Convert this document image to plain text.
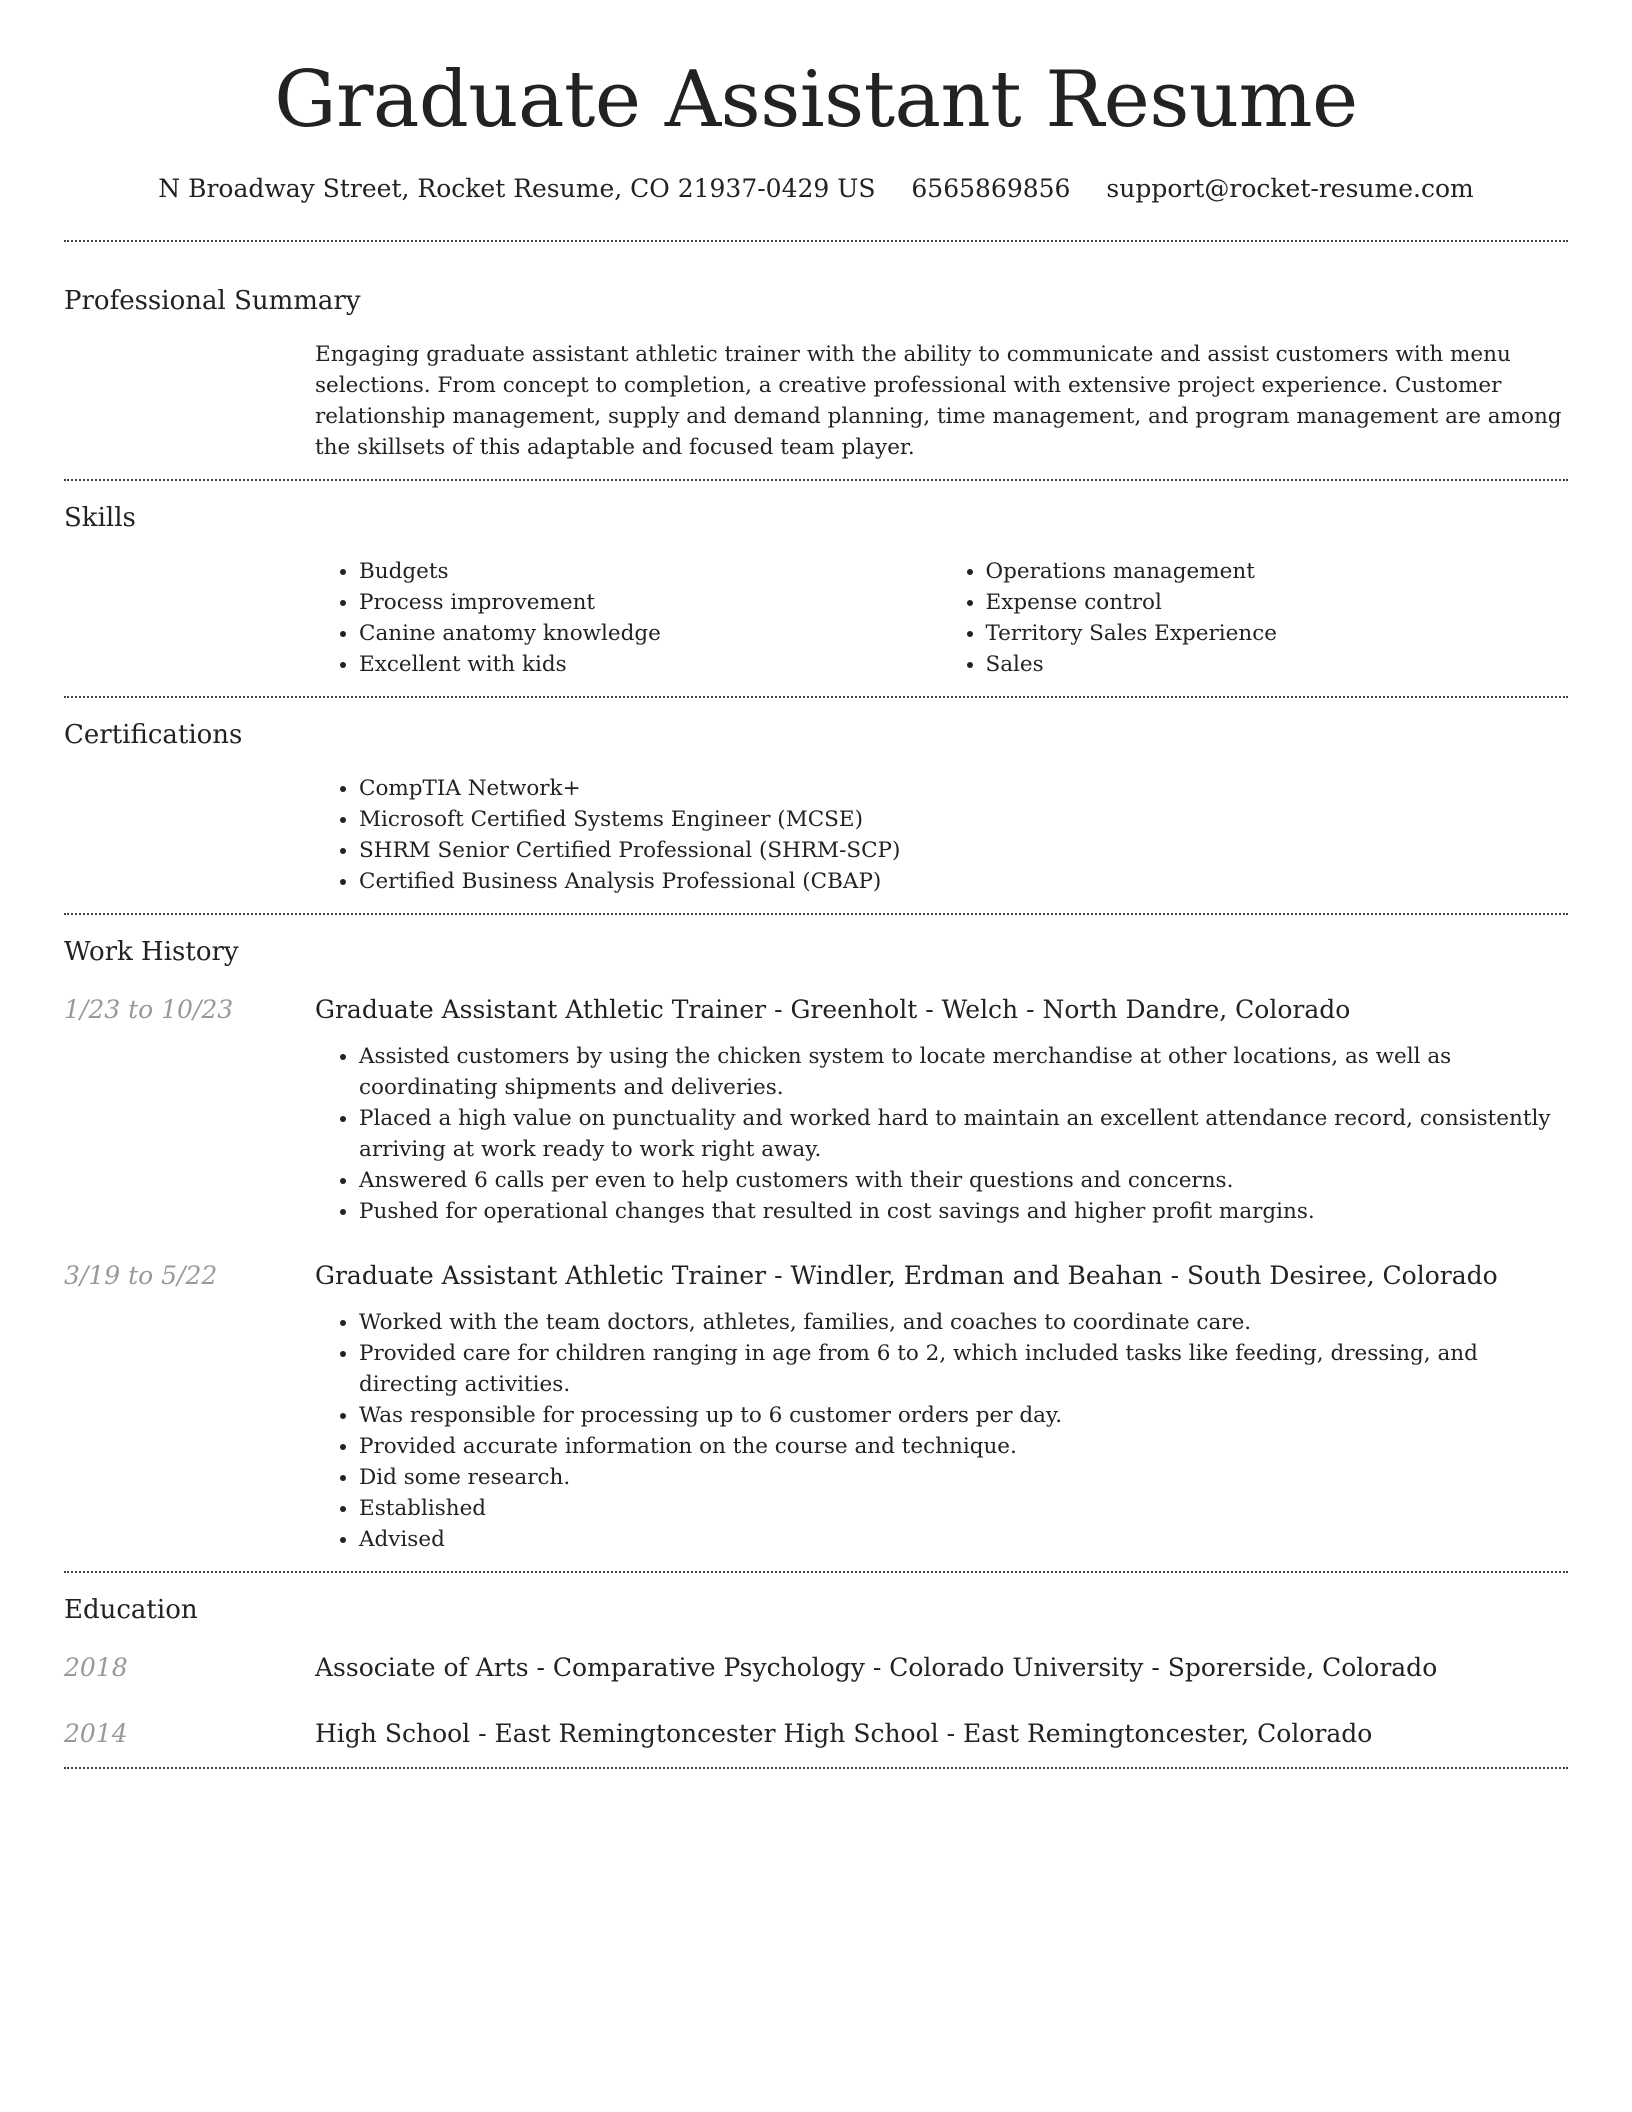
Graduate Assistant Resume
N Broadway Street, Rocket Resume, CO 21937-0429 US 6565869856 support@rocket-resume.com
Professional Summary
Engaging graduate assistant athletic trainer with the ability to communicate and assist customers with menu selections. From concept to completion, a creative professional with extensive project experience. Customer relationship management, supply and demand planning, time management, and program management are among the skillsets of this adaptable and focused team player.
Skills
• Budgets
• Process improvement
• Canine anatomy knowledge
• Excellent with kids
• Operations management
• Expense control
• Territory Sales Experience
• Sales
Certifications
• CompTIA Network+
• Microsoft Certified Systems Engineer (MCSE)
• SHRM Senior Certified Professional (SHRM-SCP)
• Certified Business Analysis Professional (CBAP)
Work History
1/23 to 10/23	Graduate Assistant Athletic Trainer - Greenholt - Welch - North Dandre, Colorado
• Assisted customers by using the chicken system to locate merchandise at other locations, as well as coordinating shipments and deliveries.
• Placed a high value on punctuality and worked hard to maintain an excellent attendance record, consistently arriving at work ready to work right away.
• Answered 6 calls per even to help customers with their questions and concerns.
• Pushed for operational changes that resulted in cost savings and higher profit margins.
3/19 to 5/22	Graduate Assistant Athletic Trainer - Windler, Erdman and Beahan - South Desiree, Colorado
• Worked with the team doctors, athletes, families, and coaches to coordinate care.
• Provided care for children ranging in age from 6 to 2, which included tasks like feeding, dressing, and directing activities.
• Was responsible for processing up to 6 customer orders per day.
• Provided accurate information on the course and technique.
• Did some research.
• Established
• Advised
Education
2018	Associate of Arts - Comparative Psychology - Colorado University - Sporerside, Colorado
2014	High School - East Remingtoncester High School - East Remingtoncester, Colorado
